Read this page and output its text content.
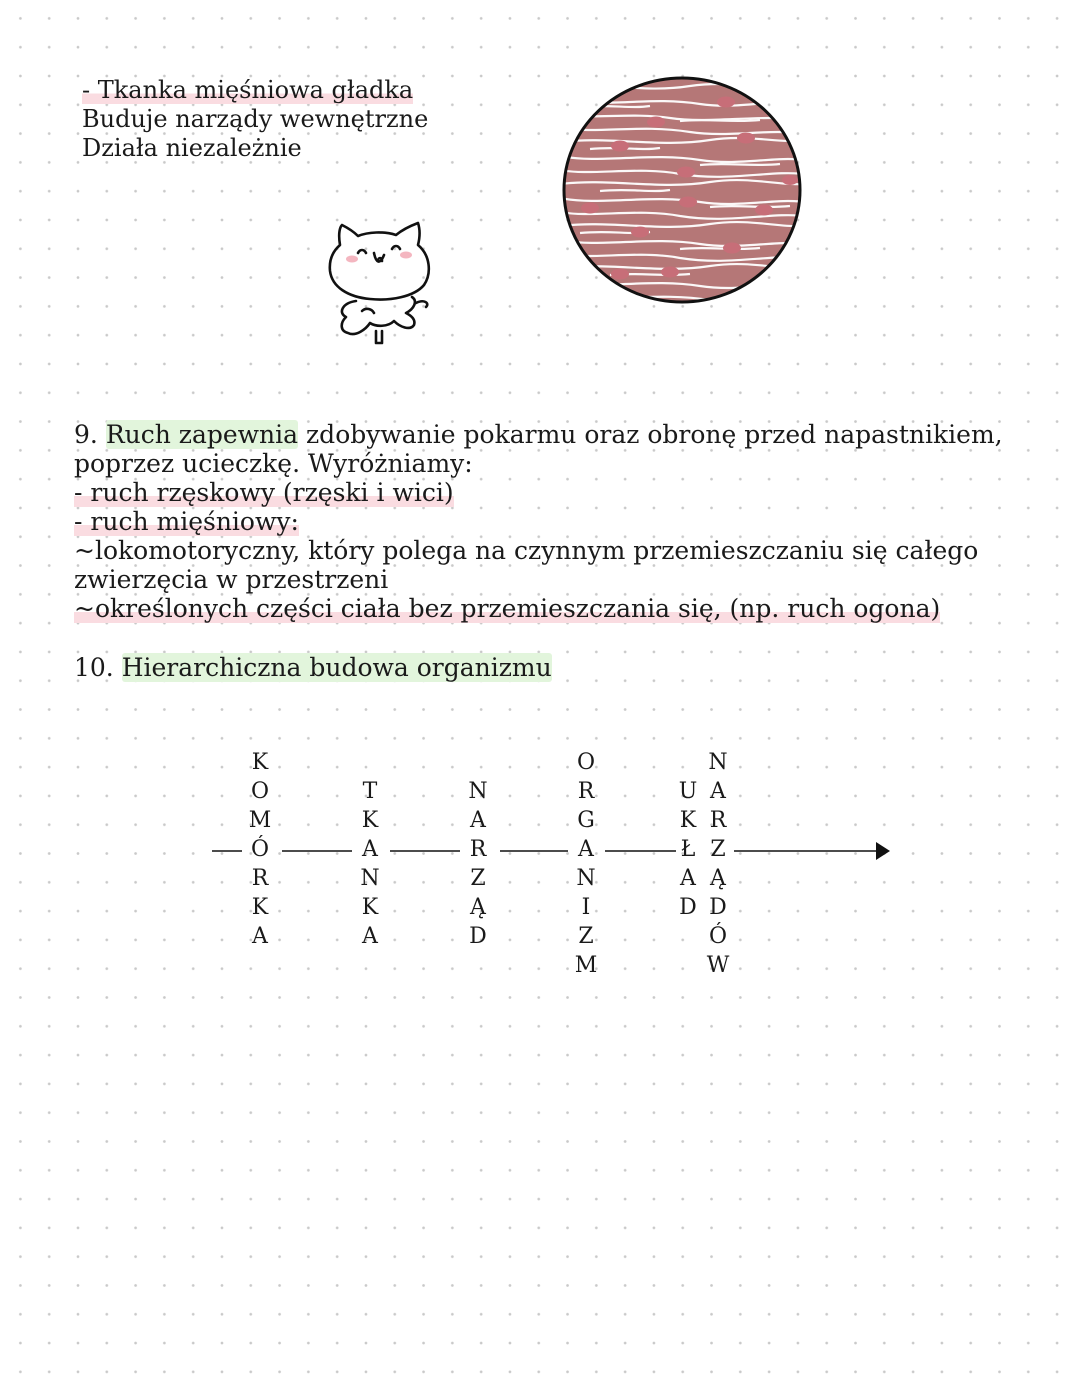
- Tkanka mięśniowa gładka
Buduje narządy wewnętrzne
Działa niezależnie
9. Ruch zapewnia zdobywanie pokarmu oraz obronę przed napastnikiem,
poprzez ucieczkę. Wyróżniamy:
- ruch rzęskowy (rzęski i wici)
- ruch mięśniowy:
~lokomotoryczny, który polega na czynnym przemieszczaniu się całego
zwierzęcia w przestrzeni
~określonych części ciała bez przemieszczania się, (np. ruch ogona)
10. Hierarchiczna budowa organizmu
K
O
M
Ó
R
K
A
T
K
A
N
K
A
N
A
R
Z
Ą
D
O
R
G
A
N
I
Z
M
U
K
Ł
A
D
N
A
R
Z
Ą
D
Ó
W
